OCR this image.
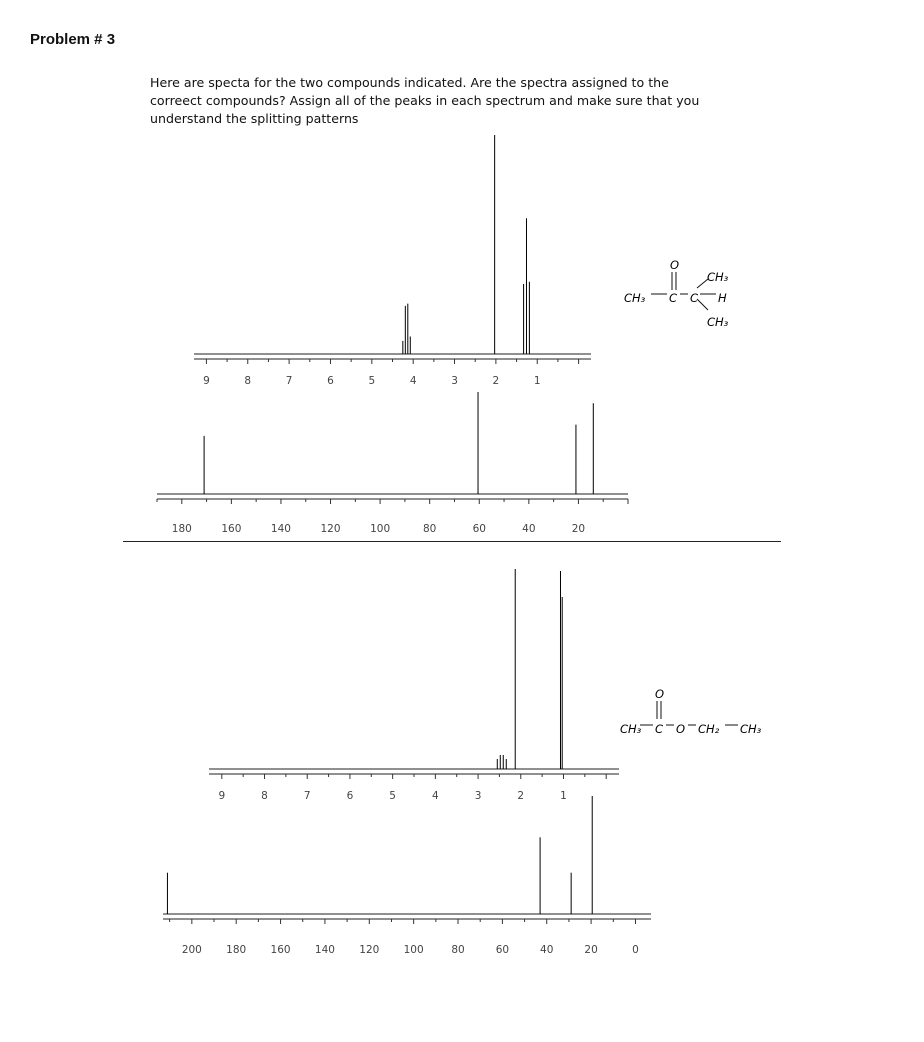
Problem # 3
Here are specta for the two compounds indicated. Are the spectra assigned to the
correect compounds? Assign all of the peaks in each spectrum and make sure that you
understand the splitting patterns
9	8	7	6	5	4	3	2	1
180	160	140	120	100	80	60	40	20
9	8	7	6	5	4	3	2	1
200 180 160 140 120 100	80	60	40	20	0
O
CH₃ C C H
CH₃
CH₃
O
CH₃ C O CH₂ CH₃
